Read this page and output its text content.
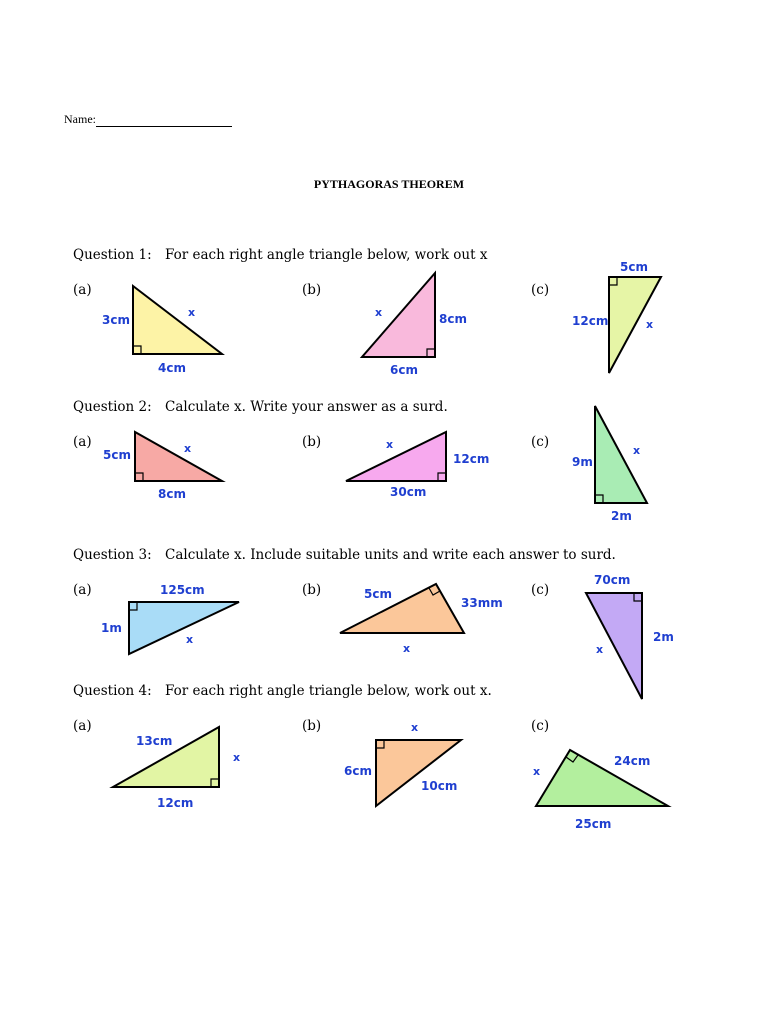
Name:
PYTHAGORAS THEOREM
Question 1: For each right angle triangle below, work out x
(a)	(b)	(c)
3cm
x
4cm
x	8cm
6cm
5cm
12cm	x
5cm	x
8cm
x
12cm
30cm
9m
x
2m
125cm
1m
x
5cm
33mm
x
70cm
x
2m
13cm
x
12cm
x
6cm
10cm
x
24cm
25cm
Question 2: Calculate x. Write your answer as a surd.
(a)	(b)	(c)
Question 3: Calculate x. Include suitable units and write each answer to surd.
(a)	(b)	(c)
Question 4: For each right angle triangle below, work out x.
(a)	(b)	(c)
